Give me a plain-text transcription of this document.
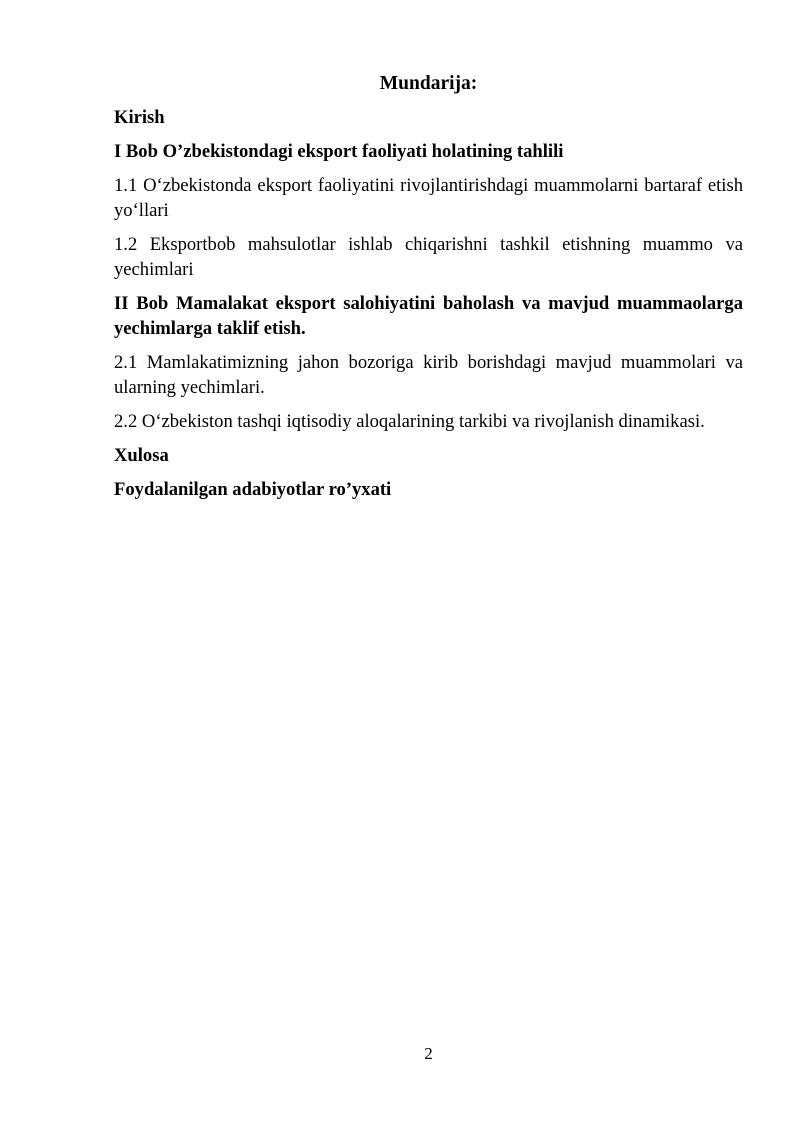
Mundarija:

Kirish

I Bob O’zbekistondagi eksport faoliyati holatining tahlili

1.1 O‘zbekistonda eksport faoliyatini rivojlantirishdagi muammolarni bartaraf etish yo‘llari

1.2 Eksportbob mahsulotlar ishlab chiqarishni tashkil etishning muammo va yechimlari

II Bob Mamalakat eksport salohiyatini baholash va mavjud muammaolarga yechimlarga taklif etish.

2.1 Mamlakatimizning jahon bozoriga kirib borishdagi mavjud muammolari va ularning yechimlari.

2.2 O‘zbekiston tashqi iqtisodiy aloqalarining tarkibi va rivojlanish dinamikasi.

Xulosa

Foydalanilgan adabiyotlar ro’yxati

2
